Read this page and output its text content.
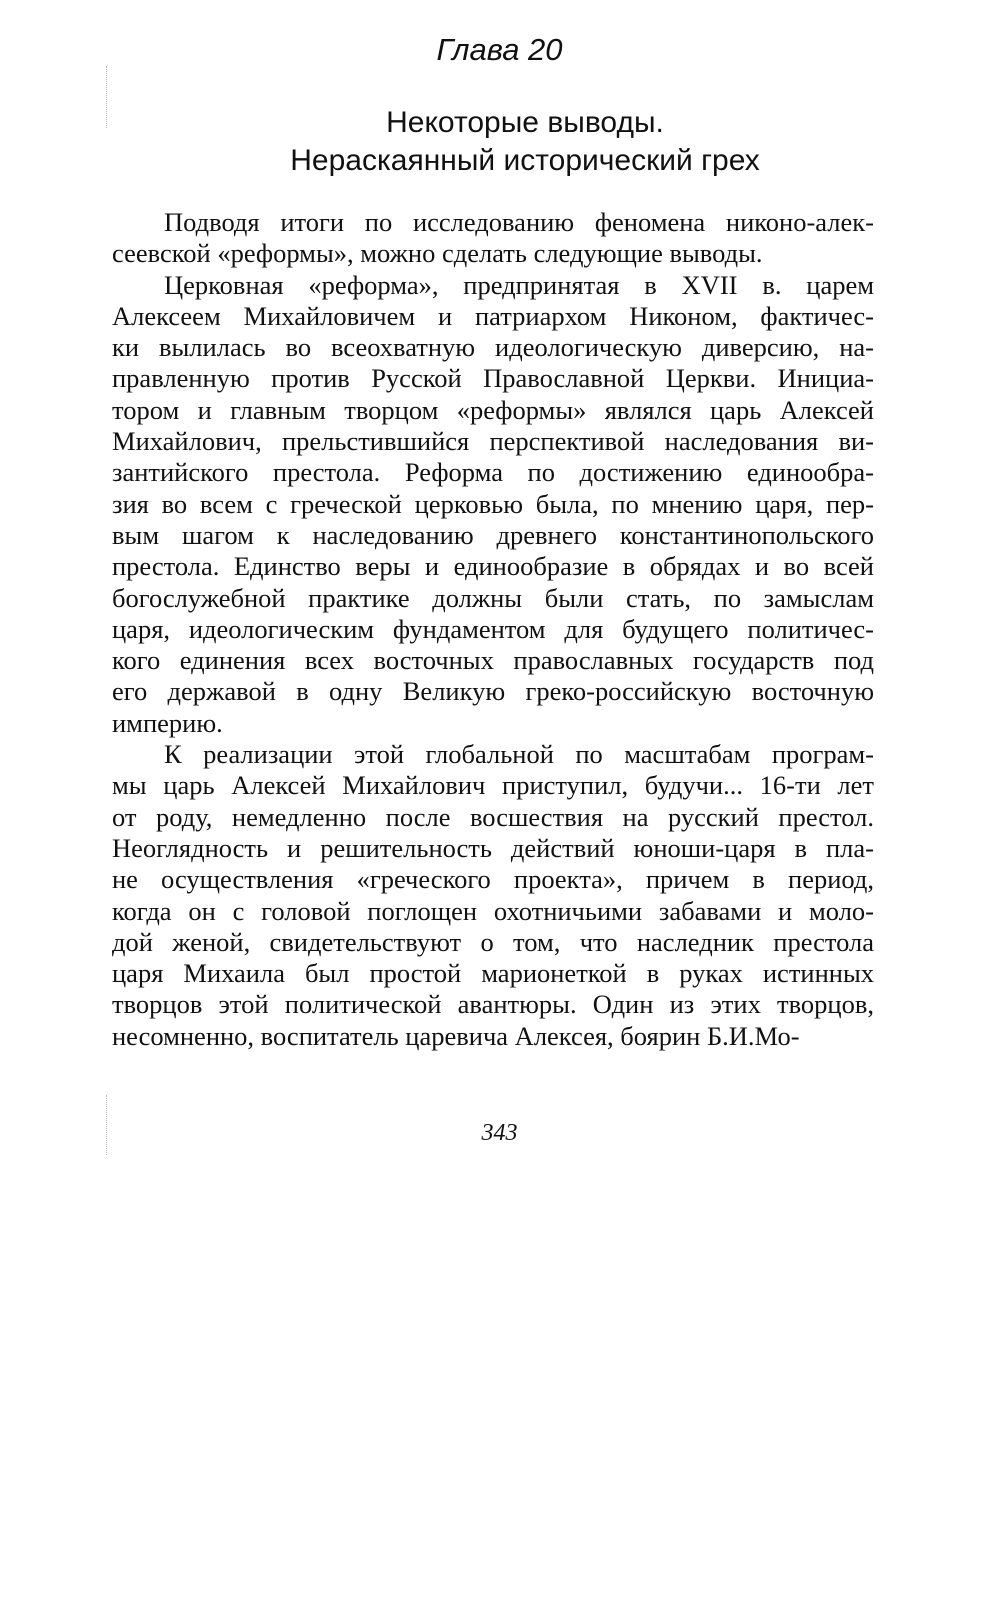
Глава 20
Некоторые выводы.
Нераскаянный исторический грех
Подводя итоги по исследованию феномена никоно-алек-
сеевской «реформы», можно сделать следующие выводы.
Церковная «реформа», предпринятая в XVII в. царем
Алексеем Михайловичем и патриархом Никоном, фактичес-
ки вылилась во всеохватную идеологическую диверсию, на-
правленную против Русской Православной Церкви. Инициа-
тором и главным творцом «реформы» являлся царь Алексей
Михайлович, прельстившийся перспективой наследования ви-
зантийского престола. Реформа по достижению единообра-
зия во всем с греческой церковью была, по мнению царя, пер-
вым шагом к наследованию древнего константинопольского
престола. Единство веры и единообразие в обрядах и во всей
богослужебной практике должны были стать, по замыслам
царя, идеологическим фундаментом для будущего политичес-
кого единения всех восточных православных государств под
его державой в одну Великую греко-российскую восточную
империю.
К реализации этой глобальной по масштабам програм-
мы царь Алексей Михайлович приступил, будучи... 16-ти лет
от роду, немедленно после восшествия на русский престол.
Неоглядность и решительность действий юноши-царя в пла-
не осуществления «греческого проекта», причем в период,
когда он с головой поглощен охотничьими забавами и моло-
дой женой, свидетельствуют о том, что наследник престола
царя Михаила был простой марионеткой в руках истинных
творцов этой политической авантюры. Один из этих творцов,
несомненно, воспитатель царевича Алексея, боярин Б.И.Мо-
343
